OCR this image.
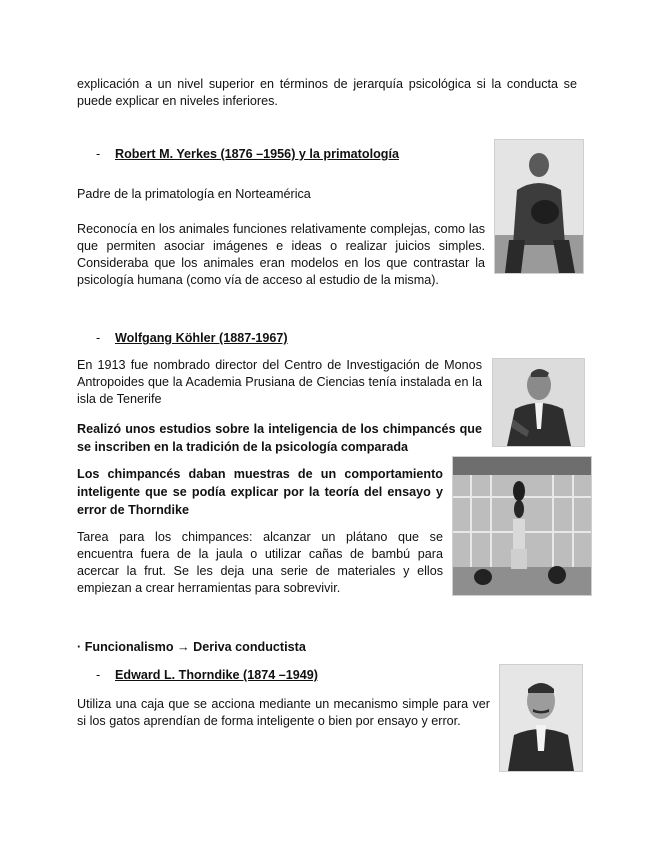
explicación a un nivel superior en términos de jerarquía psicológica si la conducta se puede explicar en niveles inferiores.

- Robert M. Yerkes (1876 –1956) y la primatología

Padre de la primatología en Norteamérica

Reconocía en los animales funciones relativamente complejas, como las que permiten asociar imágenes e ideas o realizar juicios simples. Consideraba que los animales eran modelos en los que contrastar la psicología humana (como vía de acceso al estudio de la misma).

- Wolfgang Köhler (1887-1967)

En 1913 fue nombrado director del Centro de Investigación de Monos Antropoides que la Academia Prusiana de Ciencias tenía instalada en la isla de Tenerife

Realizó unos estudios sobre la inteligencia de los chimpancés que se inscriben en la tradición de la psicología comparada

Los chimpancés daban muestras de un comportamiento inteligente que se podía explicar por la teoría del ensayo y error de Thorndike

Tarea para los chimpances: alcanzar un plátano que se encuentra fuera de la jaula o utilizar cañas de bambú para acercar la frut. Se les deja una serie de materiales y ellos empiezan a crear herramientas para sobrevivir.

· Funcionalismo → Deriva conductista
- Edward L. Thorndike (1874 –1949)

Utiliza una caja que se acciona mediante un mecanismo simple para ver si los gatos aprendían de forma inteligente o bien por ensayo y error.
